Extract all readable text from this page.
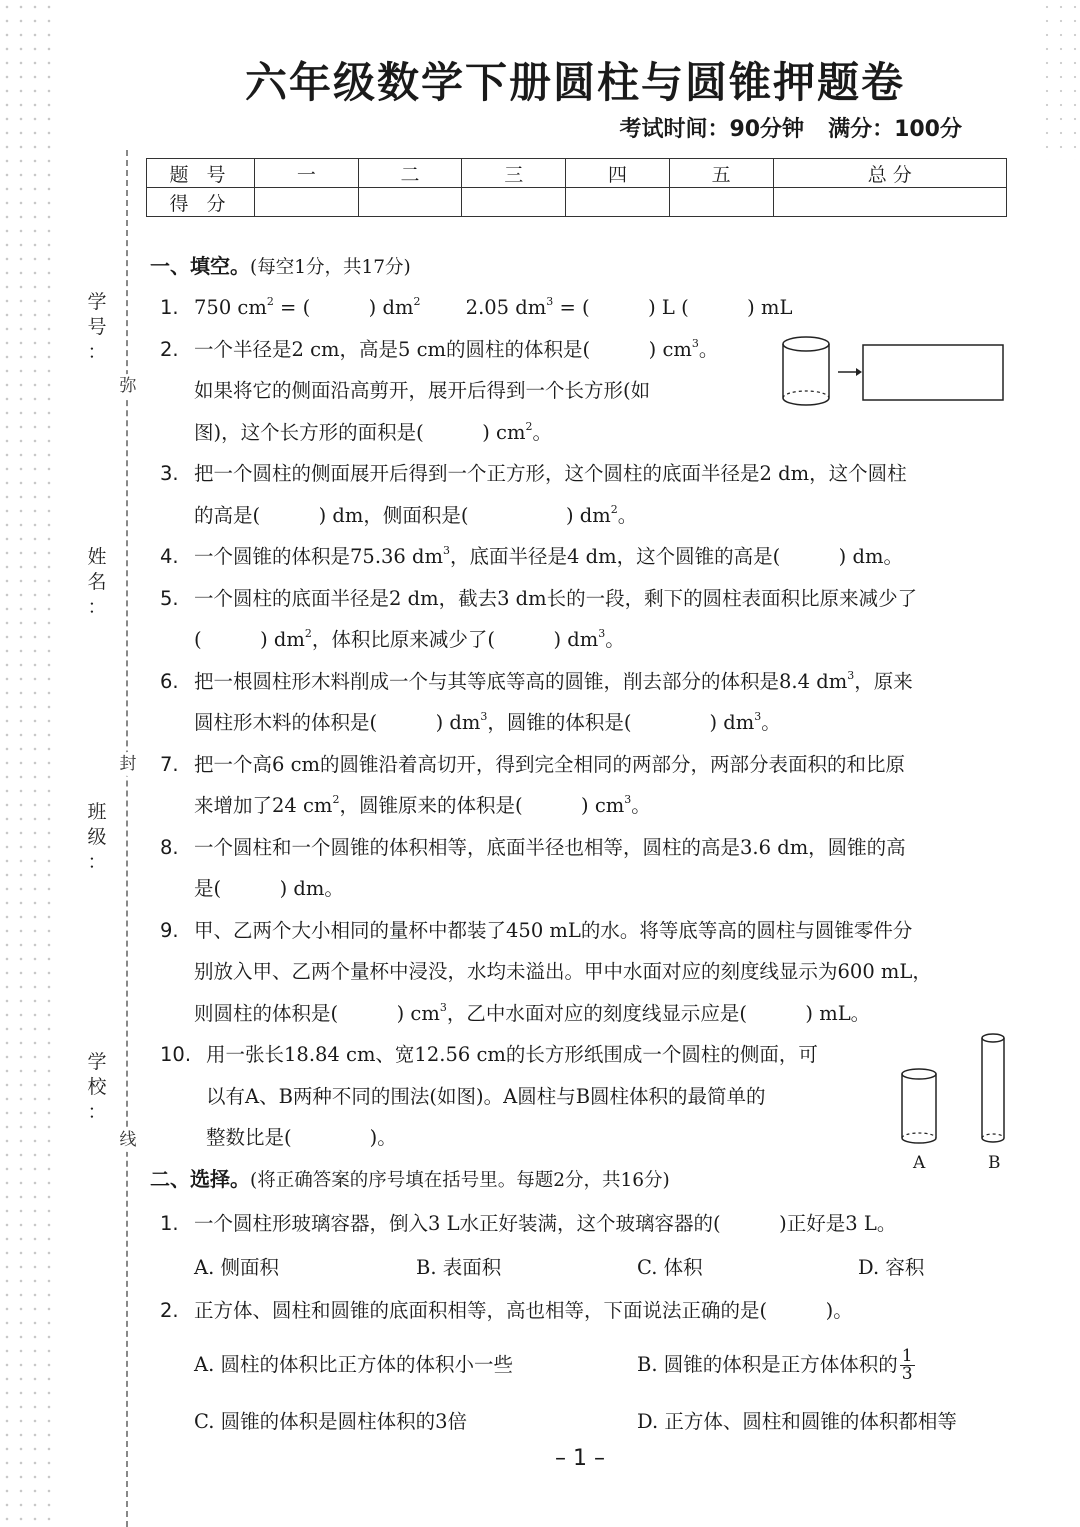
学
号
：
弥
姓
名
：
封
班
级
：
学
校
：
线
六年级数学下册圆柱与圆锥押题卷
考试时间：90分钟 满分：100分
题 号	一	二	三	四	五	总 分
得 分						
一、填空。(每空1分，共17分)
1. 750 $cm^2$ = (　　　) $dm^2$　　 2.05 $dm^3$ = (　　　) L (　　　) mL
2. 一个半径是2 cm，高是5 cm的圆柱的体积是(　　　) $cm^3$。
如果将它的侧面沿高剪开，展开后得到一个长方形(如
图)，这个长方形的面积是(　　　) $cm^2$。
3. 把一个圆柱的侧面展开后得到一个正方形，这个圆柱的底面半径是2 dm，这个圆柱
的高是(　　　) dm，侧面积是(　　　　　) $dm^2$。
4. 一个圆锥的体积是75.36 $dm^3$，底面半径是4 dm，这个圆锥的高是(　　　) dm。
5. 一个圆柱的底面半径是2 dm，截去3 dm长的一段，剩下的圆柱表面积比原来减少了
(　　　) $dm^2$，体积比原来减少了(　　　) $dm^3$。
6. 把一根圆柱形木料削成一个与其等底等高的圆锥，削去部分的体积是8.4 $dm^3$，原来
圆柱形木料的体积是(　　　) $dm^3$，圆锥的体积是(　　　　) $dm^3$。
7. 把一个高6 cm的圆锥沿着高切开，得到完全相同的两部分，两部分表面积的和比原
来增加了24 $cm^2$，圆锥原来的体积是(　　　) $cm^3$。
8. 一个圆柱和一个圆锥的体积相等，底面半径也相等，圆柱的高是3.6 dm，圆锥的高
是(　　　) dm。
9. 甲、乙两个大小相同的量杯中都装了450 mL的水。将等底等高的圆柱与圆锥零件分
别放入甲、乙两个量杯中浸没，水均未溢出。甲中水面对应的刻度线显示为600 mL，
则圆柱的体积是(　　　) $cm^3$，乙中水面对应的刻度线显示应是(　　　) mL。
10. 用一张长18.84 cm、宽12.56 cm的长方形纸围成一个圆柱的侧面，可
以有A、B两种不同的围法(如图)。A圆柱与B圆柱体积的最简单的
整数比是(　　　　)。
A	B
二、选择。(将正确答案的序号填在括号里。每题2分，共16分)
1. 一个圆柱形玻璃容器，倒入3 L水正好装满，这个玻璃容器的(　　　)正好是3 L。
A. 侧面积	B. 表面积	C. 体积	D. 容积
2. 正方体、圆柱和圆锥的底面积相等，高也相等，下面说法正确的是(　　　)。
A. 圆柱的体积比正方体的体积小一些	B. 圆锥的体积是正方体体积的 $\frac{1}{3}$
C. 圆锥的体积是圆柱体积的3倍	D. 正方体、圆柱和圆锥的体积都相等
– 1 –
